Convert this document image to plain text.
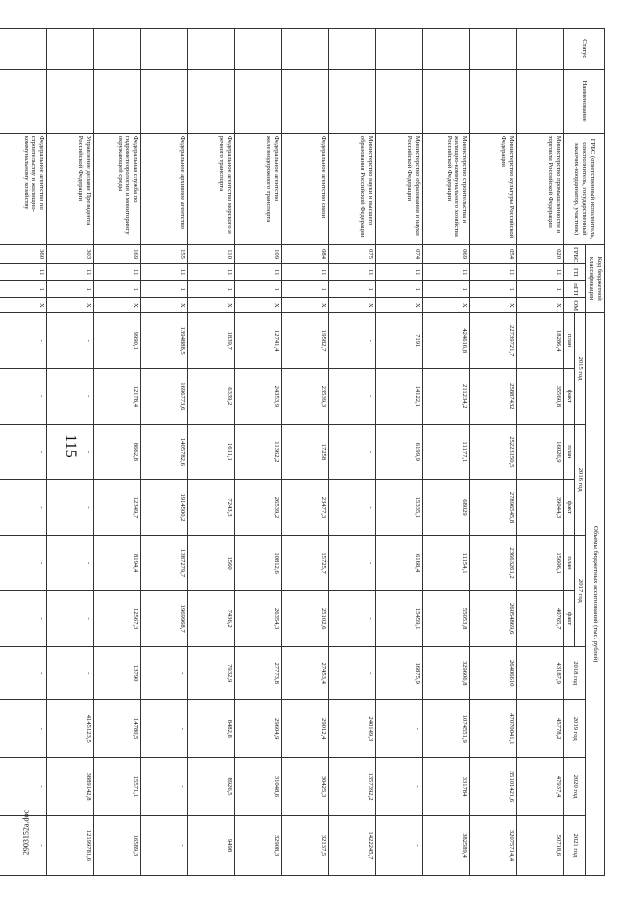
115
2903152а.doc
Статус	Наименование	ГРБС (ответственный исполнитель, соисполнитель, государственный заказчик-координатор, участник)	Код бюджетной классификации				Объемы бюджетных ассигнований (тыс. рублей)									
			ГРБС	ГП	пГП	ОМ	2015 год		2016 год		2017 год		2018 год	2019 год	2020 год	2021 год
							план	факт	план	факт	план	факт				
		Министерство промышленности и торговли Российской Федерации	020	11	1	Х	18286,4	35560,8	16026,9	39044,3	15606,1	40765,7	43187,9	45778,2	47937,4	50718,6
		Министерство культуры Российской Федерации	054	11	1	Х	22739721,7	25887432	25223150,5	27896545,8	23663261,2	26054869,6	26406610	47070041,1	35101421,6	32075714,4
		Министерство строительства и жилищно-коммунального хозяйства Российской Федерации	069	11	1	Х	424616,8	211234,2	11177,1	68029	11154,1	55053,8	329606,8	1074551,9	331784	382589,4
		Министерство образования и науки Российской Федерации	074	11	1	Х	7191	14122,1	6199,9	15335,1	6168,4	15459,1	16875,9	-	-	-
		Министерство науки и высшего образования Российской Федерации	075	11	1	Х	-	-	-	-	-	-	-	240149,3	1357392,2	1422245,7
		Федеральное агентство связи	084	11	1	Х	19582,7	23539,3	17258	23477,3	15725,7	25102,6	27453,4	29012,4	30425,3	32137,5
		Федеральное агентство железнодорожного транспорта	109	11	1	Х	12741,4	24353,9	11362,2	26539,2	10812,6	26354,3	27773,8	29604,9	31048,6	32908,3
		Федеральное агентство морского и речного транспорта	110	11	1	Х	1839,7	6339,2	1611,1	7243,3	1560	7436,2	7932,9	8482,8	8926,5	9498
		Федеральное архивное агентство	155	11	1	Х	1394888,5	1696773,6	1405782,6	1914500,2	1387279,7	1969968,7	-	-	-	-
		Федеральная служба по гидрометеорологии и мониторингу окружающей среды	169	11	1	Х	9990,1	12178,4	8662,8	12349,7	8194,4	12567,3	13790	14780,5	15571,1	16589,3
		Управление делами Президента Российской Федерации	303	11	1	Х	-	-	-	-	-	-	-	4145123,5	3889142,8	12199781,6
		Федеральное агентство по строительству и жилищно-коммунальному хозяйству	360	11	1	Х	-	-	-	-	-	-	-	-	-	-
